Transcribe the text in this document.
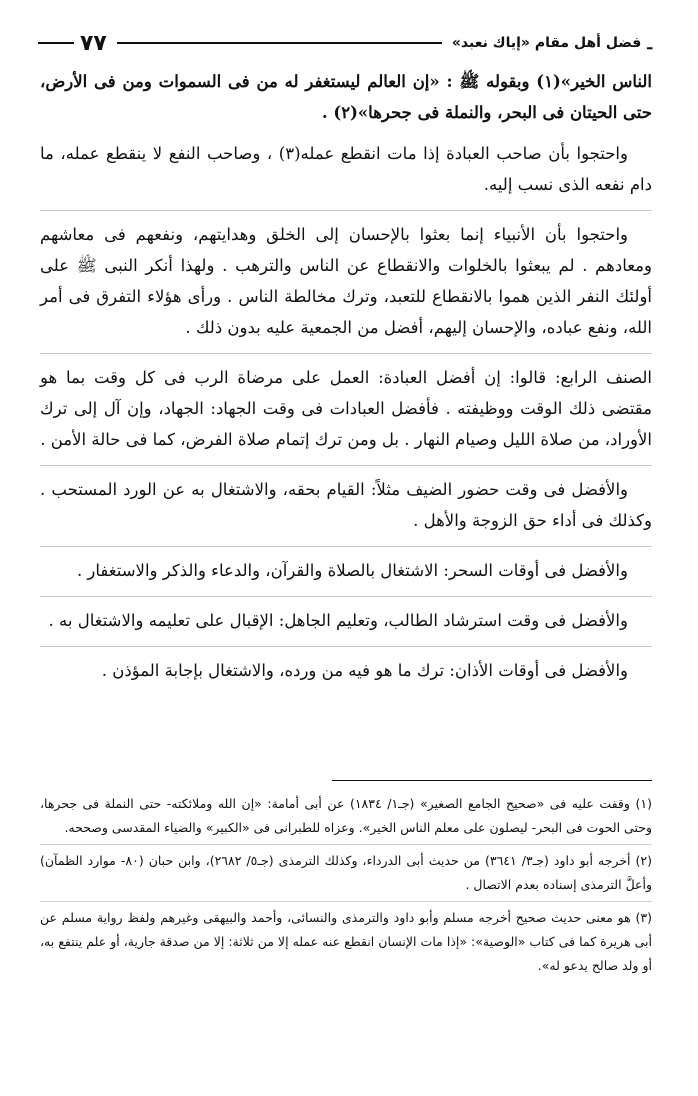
ـ
فضل أهل مقام «إياك نعبد»
٧٧

الناس الخير»(١) وبقوله ﷺ : «إن العالم ليستغفر له من فى السموات ومن فى الأرض، حتى الحيتان فى البحر، والنملة فى جحرها»(٢) .

واحتجوا بأن صاحب العبادة إذا مات انقطع عمله(٣) ، وصاحب النفع لا ينقطع عمله، ما دام نفعه الذى نسب إليه.

واحتجوا بأن الأنبياء إنما بعثوا بالإحسان إلى الخلق وهدايتهم، ونفعهم فى معاشهم ومعادهم . لم يبعثوا بالخلوات والانقطاع عن الناس والترهب . ولهذا أنكر النبى ﷺ على أولئك النفر الذين هموا بالانقطاع للتعبد، وترك مخالطة الناس . ورأى هؤلاء التفرق فى أمر الله، ونفع عباده، والإحسان إليهم، أفضل من الجمعية عليه بدون ذلك .

الصنف الرابع: قالوا: إن أفضل العبادة: العمل على مرضاة الرب فى كل وقت بما هو مقتضى ذلك الوقت ووظيفته . فأفضل العبادات فى وقت الجهاد: الجهاد، وإن آل إلى ترك الأوراد، من صلاة الليل وصيام النهار . بل ومن ترك إتمام صلاة الفرض، كما فى حالة الأمن .

والأفضل فى وقت حضور الضيف مثلاً: القيام بحقه، والاشتغال به عن الورد المستحب . وكذلك فى أداء حق الزوجة والأهل .

والأفضل فى أوقات السحر: الاشتغال بالصلاة والقرآن، والدعاء والذكر والاستغفار .

والأفضل فى وقت استرشاد الطالب، وتعليم الجاهل: الإقبال على تعليمه والاشتغال به .

والأفضل فى أوقات الأذان: ترك ما هو فيه من ورده، والاشتغال بإجابة المؤذن .

(١) وقفت عليه فى «صحيح الجامع الصغير» (جـ١/ ١٨٣٤) عن أبى أمامة: «إن الله وملائكته- حتى النملة فى جحرها، وحتى الحوت فى البحر- ليصلون على معلم الناس الخير». وعزاه للطبرانى فى «الكبير» والضياء المقدسى وصححه.

(٢) أخرجه أبو داود (جـ٣/ ٣٦٤١) من حديث أبى الدرداء، وكذلك الترمذى (جـ٥/ ٢٦٨٢)، وابن حبان (٨٠- موارد الظمآن) وأعلَّ الترمذى إسناده بعدم الاتصال .

(٣) هو معنى حديث صحيح أخرجه مسلم وأبو داود والترمذى والنسائى، وأحمد والبيهقى وغيرهم ولفظ رواية مسلم عن أبى هريرة كما فى كتاب «الوصية»: «إذا مات الإنسان انقطع عنه عمله إلا من ثلاثة: إلا من صدقة جارية، أو علم ينتفع به، أو ولد صالح يدعو له».
